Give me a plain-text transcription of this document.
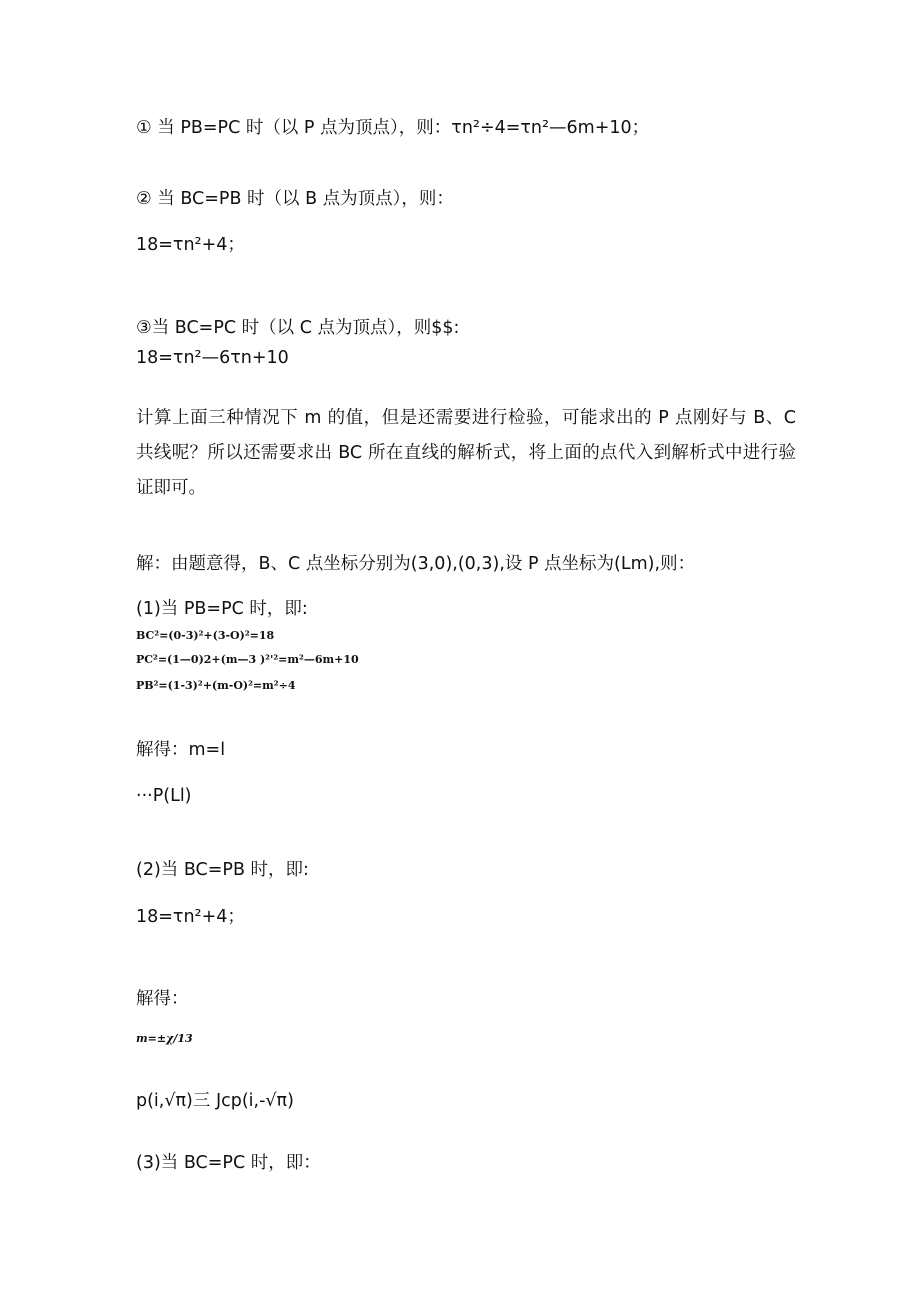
① 当 PB=PC 时（以 P 点为顶点），则：τn²÷4=τn²—6m+10；
② 当 BC=PB 时（以 B 点为顶点），则：
18=τn²+4；
③当 BC=PC 时（以 C 点为顶点），则$$:
18=τn²—6τn+10
计算上面三种情况下 m 的值，但是还需要进行检验，可能求出的 P 点刚好与 B、C 共线呢？所以还需要求出 BC 所在直线的解析式，将上面的点代入到解析式中进行验证即可。
解：由题意得，B、C 点坐标分别为(3,0),(0,3),设 P 点坐标为(Lm),则：
(1)当 PB=PC 时，即:
BC²=(0-3)²+(3-O)²=18
PC²=(1—0)2+(m—3 )²'²=m²—6m+10
PB²=(1-3)²+(m-O)²=m²÷4
解得：m=l
···P(Ll)
(2)当 BC=PB 时，即:
18=τn²+4；
解得：
m=±χ/13
p(i,√π)三 Jcp(i,-√π)
(3)当 BC=PC 时，即：
